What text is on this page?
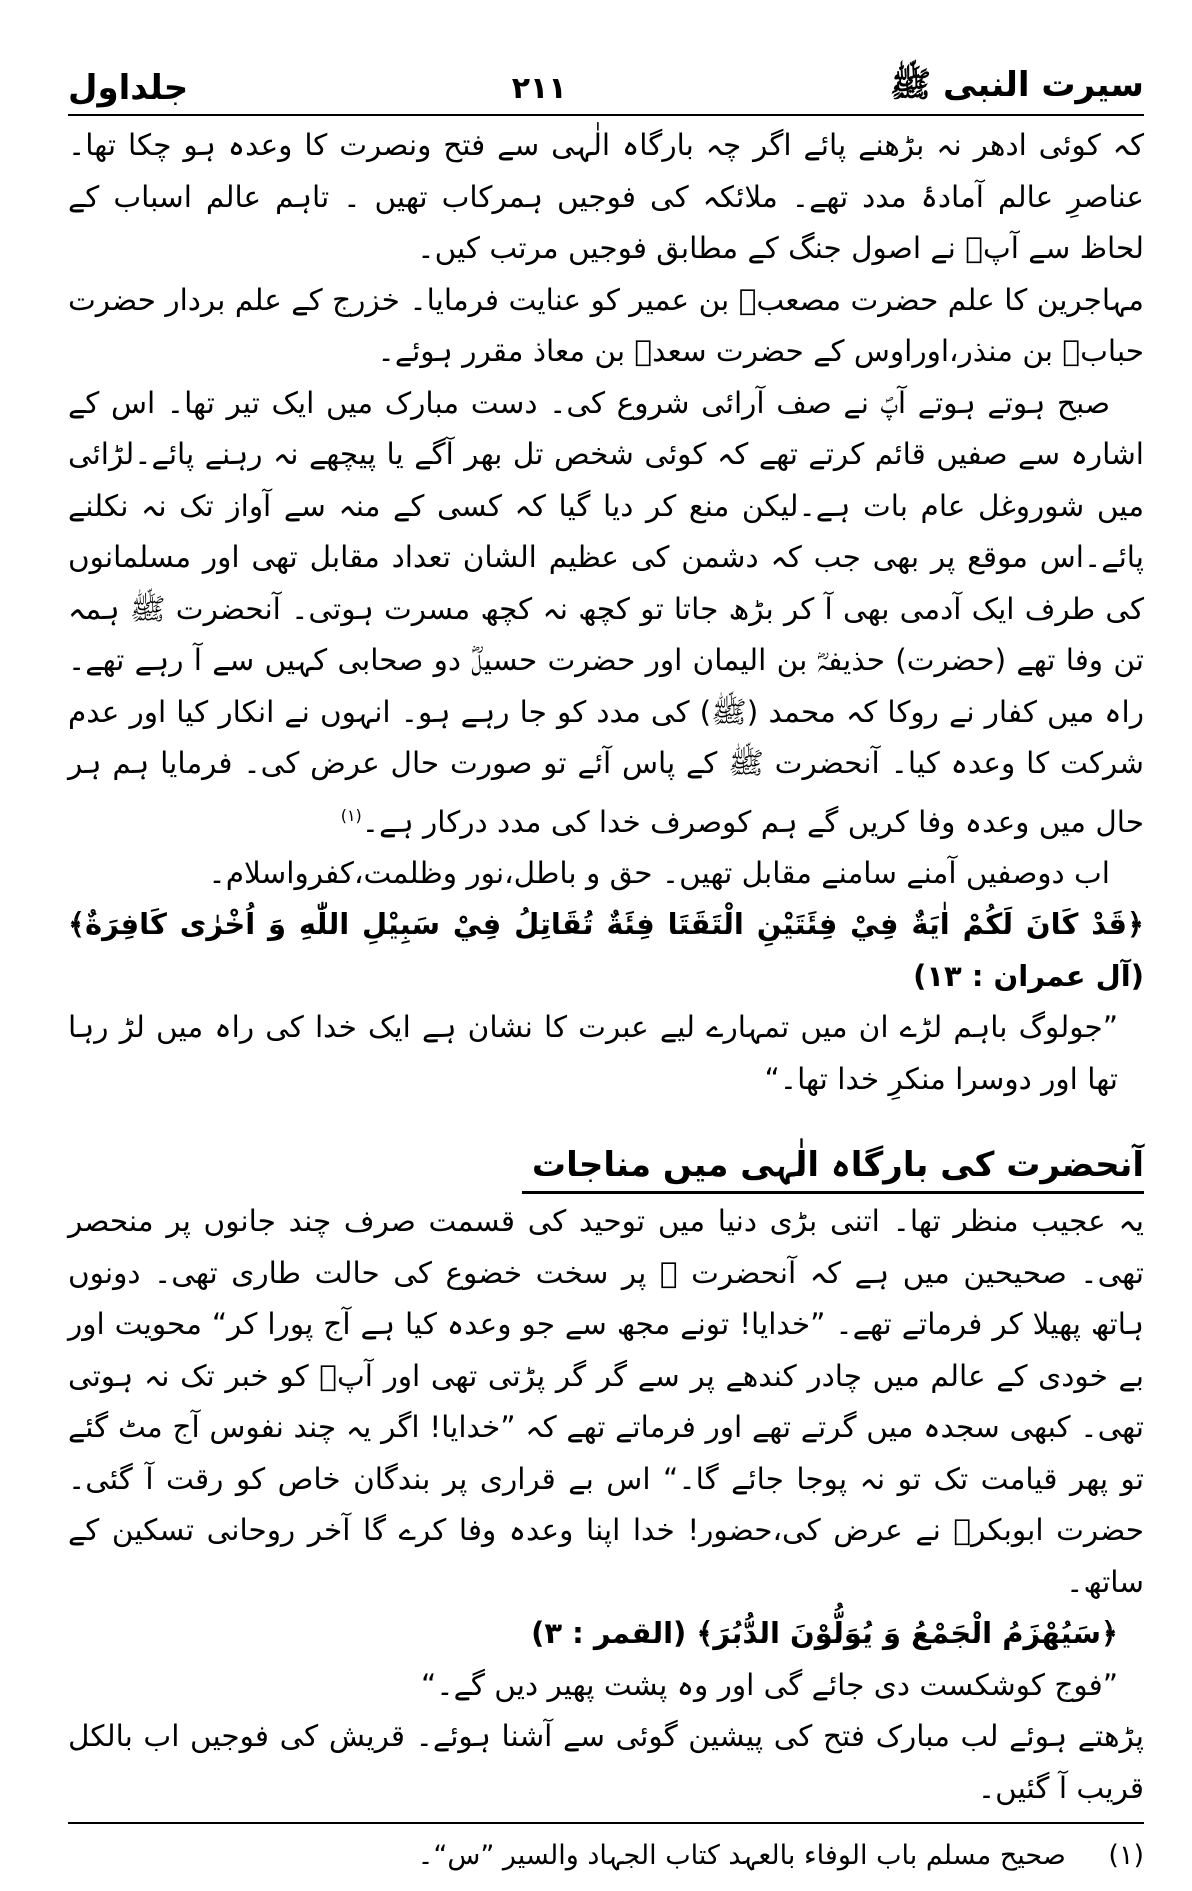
سیرت النبی ﷺ
۲۱۱
جلداول

کہ کوئی ادھر نہ بڑھنے پائے اگر چہ بارگاہ الٰہی سے فتح ونصرت کا وعدہ ہو چکا تھا۔عناصرِ عالم آمادۂ مدد تھے۔ ملائکہ کی فوجیں ہمرکاب تھیں ۔ تاہم عالم اسباب کے لحاظ سے آپؐ نے اصول جنگ کے مطابق فوجیں مرتب کیں۔

مہاجرین کا علم حضرت مصعبؓ بن عمیر کو عنایت فرمایا۔ خزرج کے علم بردار حضرت حبابؓ بن منذر،اوراوس کے حضرت سعدؓ بن معاذ مقرر ہوئے۔

صبح ہوتے ہوتے آپؐ نے صف آرائی شروع کی۔ دست مبارک میں ایک تیر تھا۔ اس کے اشارہ سے صفیں قائم کرتے تھے کہ کوئی شخص تل بھر آگے یا پیچھے نہ رہنے پائے۔لڑائی میں شوروغل عام بات ہے۔لیکن منع کر دیا گیا کہ کسی کے منہ سے آواز تک نہ نکلنے پائے۔اس موقع پر بھی جب کہ دشمن کی عظیم الشان تعداد مقابل تھی اور مسلمانوں کی طرف ایک آدمی بھی آ کر بڑھ جاتا تو کچھ نہ کچھ مسرت ہوتی۔ آنحضرت ﷺ ہمہ تن وفا تھے (حضرت) حذیفہؓ بن الیمان اور حضرت حسیلؓ دو صحابی کہیں سے آ رہے تھے۔ راہ میں کفار نے روکا کہ محمد (ﷺ) کی مدد کو جا رہے ہو۔ انہوں نے انکار کیا اور عدم شرکت کا وعدہ کیا۔ آنحضرت ﷺ کے پاس آئے تو صورت حال عرض کی۔ فرمایا ہم ہر حال میں وعدہ وفا کریں گے ہم کوصرف خدا کی مدد درکار ہے۔$^{(۱)}$

اب دوصفیں آمنے سامنے مقابل تھیں۔ حق و باطل،نور وظلمت،کفرواسلام۔

﴿قَدْ كَانَ لَكُمْ اٰيَةٌ فِيْ فِئَتَيْنِ الْتَقَتَا فِئَةٌ تُقَاتِلُ فِيْ سَبِيْلِ اللّٰهِ وَ اُخْرٰى كَافِرَةٌ﴾ (آل عمران : ۱۳)

”جولوگ باہم لڑے ان میں تمہارے لیے عبرت کا نشان ہے ایک خدا کی راہ میں لڑ رہا تھا اور دوسرا منکرِ خدا تھا۔“

آنحضرت کی بارگاہ الٰہی میں مناجات

یہ عجیب منظر تھا۔ اتنی بڑی دنیا میں توحید کی قسمت صرف چند جانوں پر منحصر تھی۔ صحیحین میں ہے کہ آنحضرت ﷺ پر سخت خضوع کی حالت طاری تھی۔ دونوں ہاتھ پھیلا کر فرماتے تھے۔ ”خدایا! تونے مجھ سے جو وعدہ کیا ہے آج پورا کر“ محویت اور بے خودی کے عالم میں چادر کندھے پر سے گر گر پڑتی تھی اور آپؐ کو خبر تک نہ ہوتی تھی۔ کبھی سجدہ میں گرتے تھے اور فرماتے تھے کہ ”خدایا! اگر یہ چند نفوس آج مٹ گئے تو پھر قیامت تک تو نہ پوجا جائے گا۔“ اس بے قراری پر بندگان خاص کو رقت آ گئی۔ حضرت ابوبکرؓ نے عرض کی،حضور! خدا اپنا وعدہ وفا کرے گا آخر روحانی تسکین کے ساتھ۔

﴿سَيُهْزَمُ الْجَمْعُ وَ يُوَلُّوْنَ الدُّبُرَ﴾ (القمر : ۳)

”فوج کوشکست دی جائے گی اور وہ پشت پھیر دیں گے۔“

پڑھتے ہوئے لب مبارک فتح کی پیشین گوئی سے آشنا ہوئے۔ قریش کی فوجیں اب بالکل قریب آ گئیں۔

(۱) صحیح مسلم باب الوفاء بالعہد کتاب الجہاد والسیر ”س“۔
